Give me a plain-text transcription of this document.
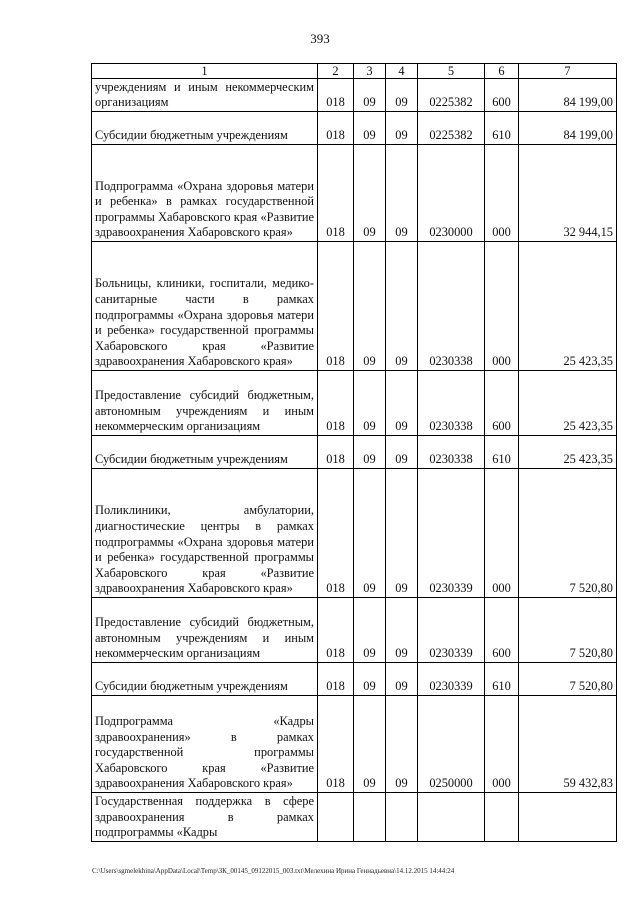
393
1	2	3	4	5	6	7
учреждениям и иным некоммерческим организациям	018	09	09	0225382	600	84 199,00
Субсидии бюджетным учреждениям	018	09	09	0225382	610	84 199,00
Подпрограмма «Охрана здоровья матери и ребенка» в рамках государственной программы Хабаровского края «Развитие здравоохранения Хабаровского края»	018	09	09	0230000	000	32 944,15
Больницы, клиники, госпитали, медико-санитарные части в рамках подпрограммы «Охрана здоровья матери и ребенка» государственной программы Хабаровского края «Развитие здравоохранения Хабаровского края»	018	09	09	0230338	000	25 423,35
Предоставление субсидий бюджетным, автономным учреждениям и иным некоммерческим организациям	018	09	09	0230338	600	25 423,35
Субсидии бюджетным учреждениям	018	09	09	0230338	610	25 423,35
Поликлиники, амбулатории, диагностические центры в рамках подпрограммы «Охрана здоровья матери и ребенка» государственной программы Хабаровского края «Развитие здравоохранения Хабаровского края»	018	09	09	0230339	000	7 520,80
Предоставление субсидий бюджетным, автономным учреждениям и иным некоммерческим организациям	018	09	09	0230339	600	7 520,80
Субсидии бюджетным учреждениям	018	09	09	0230339	610	7 520,80
Подпрограмма «Кадры здравоохранения» в рамках государственной программы Хабаровского края «Развитие здравоохранения Хабаровского края»	018	09	09	0250000	000	59 432,83
Государственная поддержка в сфере здравоохранения в рамках подпрограммы «Кадры						
C:\Users\sgmelekhina\AppData\Local\Temp\ЗК_00145_09122015_003.txt\Мелехина Ирина Геннадьевна\14.12.2015 14:44:24
